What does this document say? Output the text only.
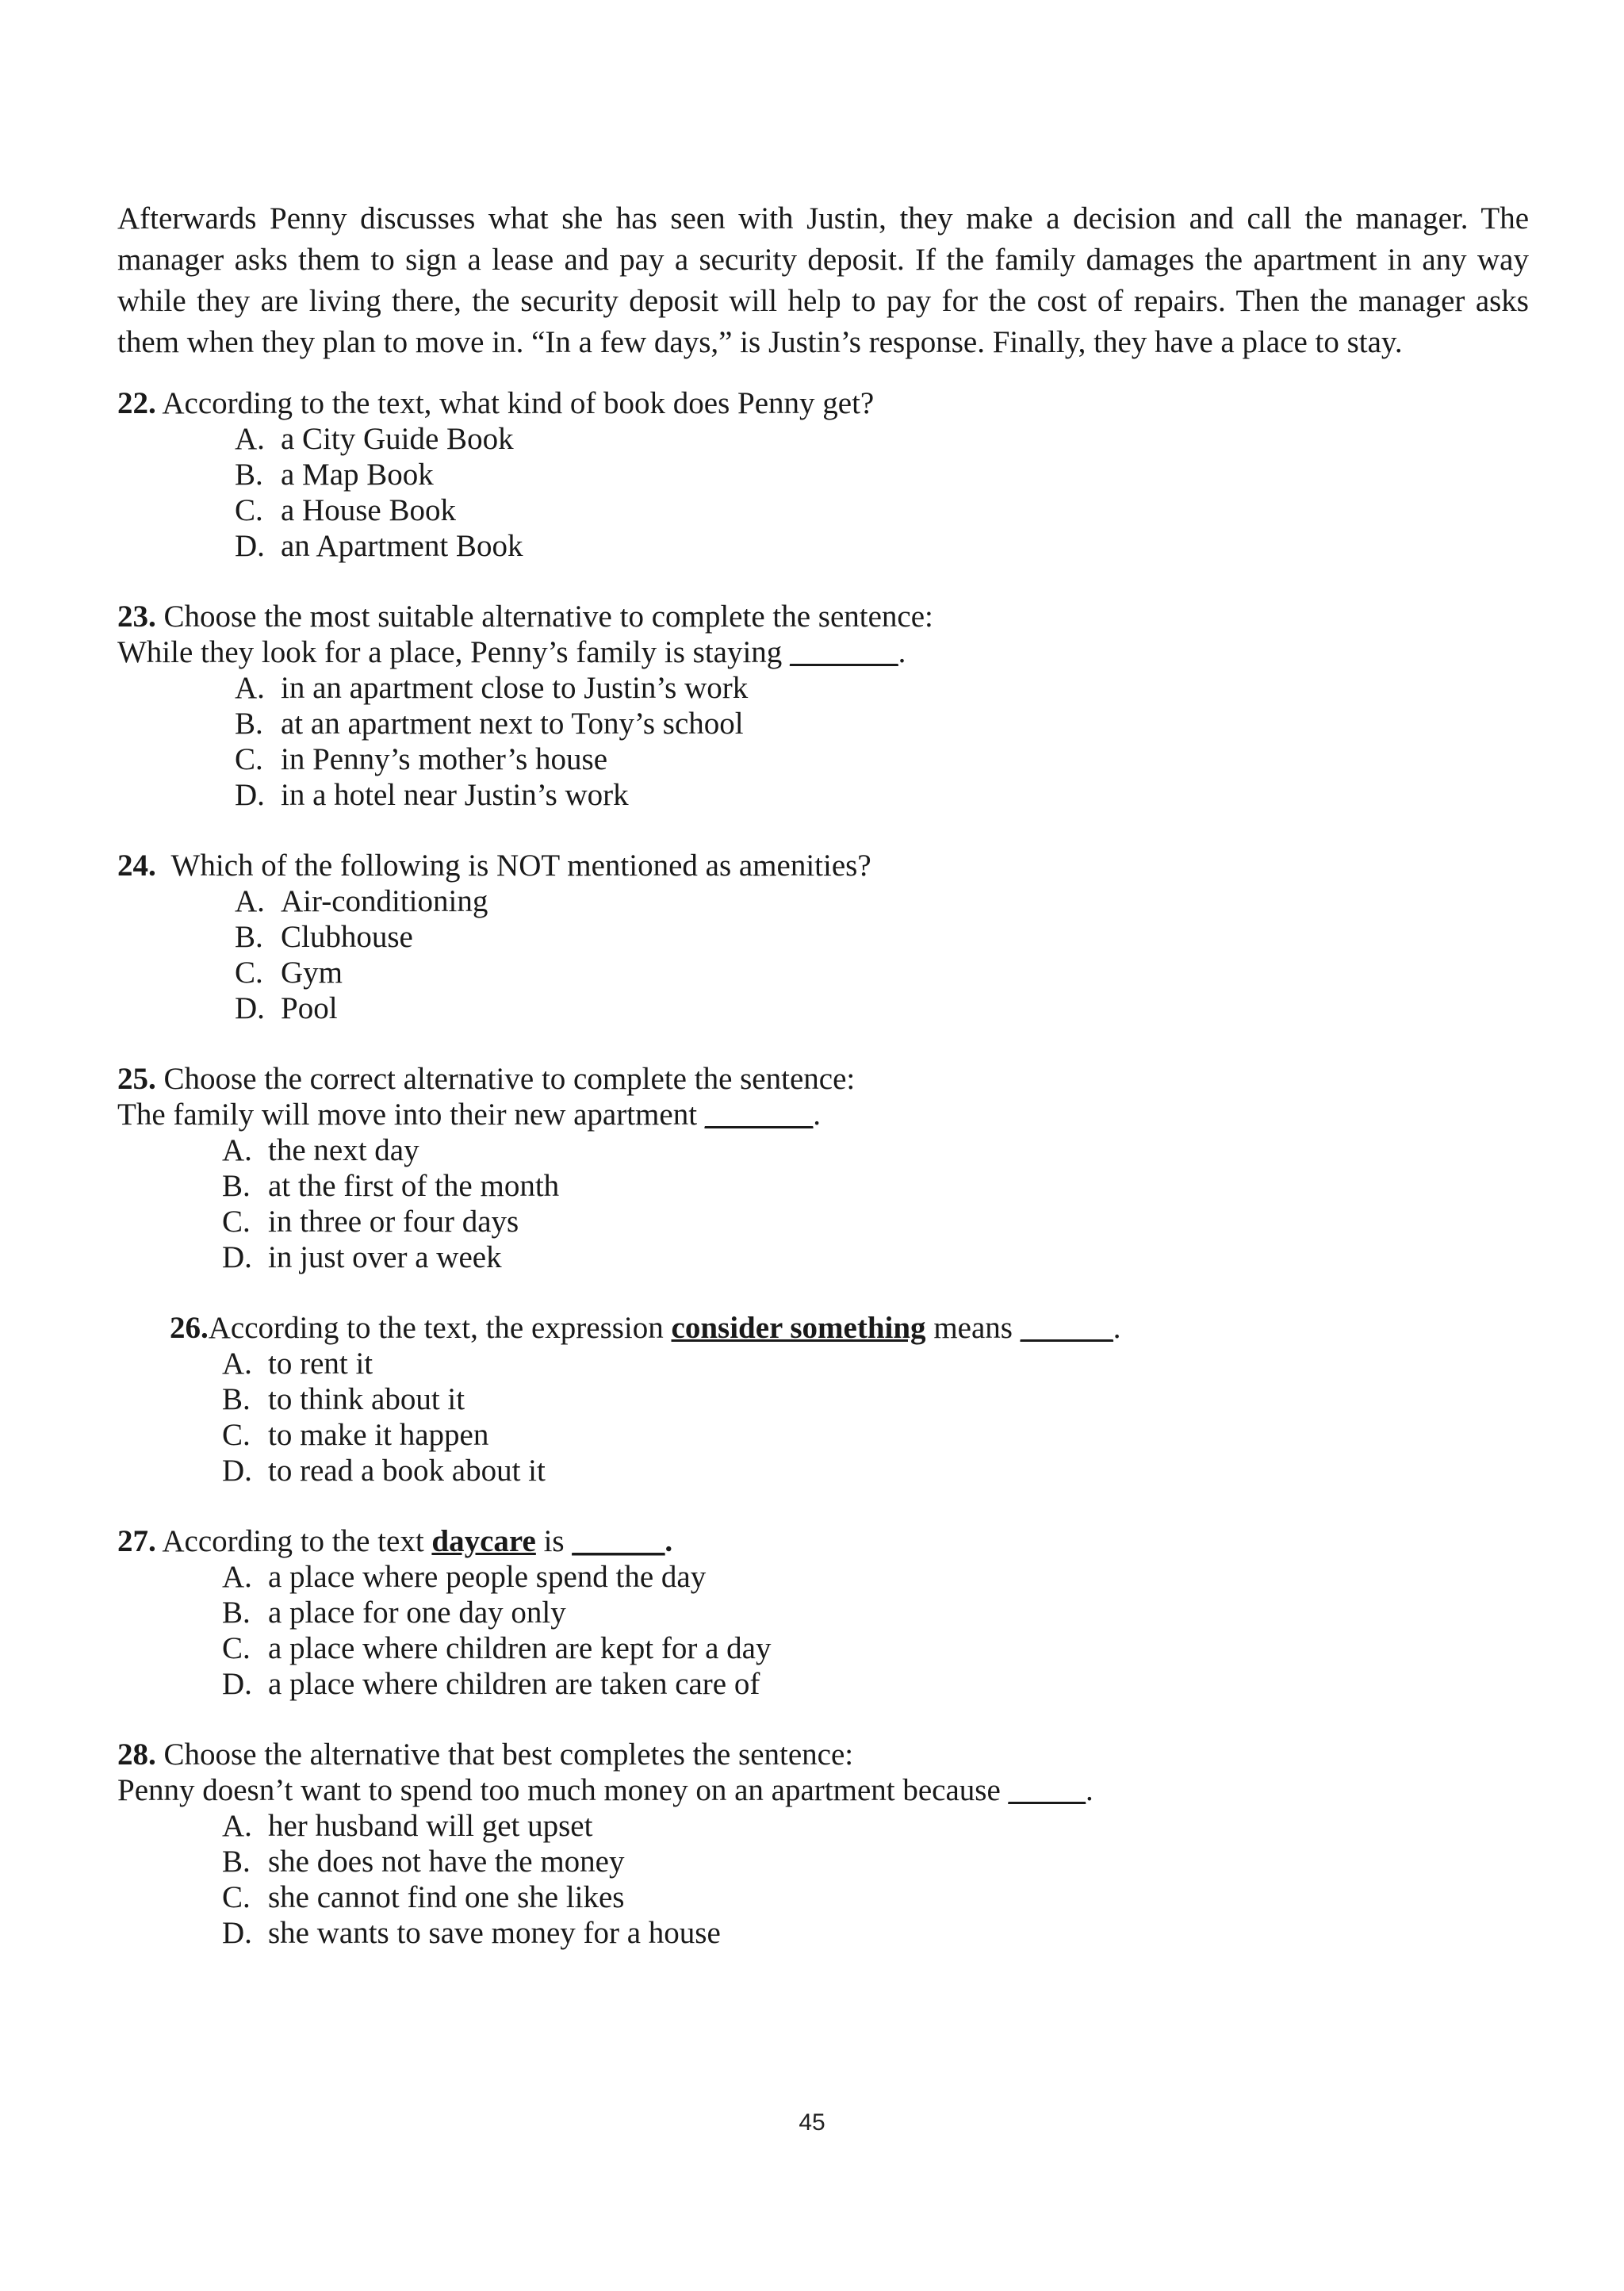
Afterwards Penny discusses what she has seen with Justin, they make a decision and call the manager. The manager asks them to sign a lease and pay a security deposit. If the family damages the apartment in any way while they are living there, the security deposit will help to pay for the cost of repairs. Then the manager asks them when they plan to move in. “In a few days,” is Justin’s response. Finally, they have a place to stay.

22. According to the text, what kind of book does Penny get?

A. a City Guide Book
B. a Map Book
C. a House Book
D. an Apartment Book

23. Choose the most suitable alternative to complete the sentence:

While they look for a place, Penny’s family is staying _______.

A. in an apartment close to Justin’s work
B. at an apartment next to Tony’s school
C. in Penny’s mother’s house
D. in a hotel near Justin’s work

24.  Which of the following is NOT mentioned as amenities?

A. Air-conditioning
B. Clubhouse
C. Gym
D. Pool

25. Choose the correct alternative to complete the sentence:

The family will move into their new apartment _______.

A. the next day
B. at the first of the month
C. in three or four days
D. in just over a week

26.According to the text, the expression consider something means ______.

A. to rent it
B. to think about it
C. to make it happen
D. to read a book about it

27. According to the text daycare is ______.

A. a place where people spend the day
B. a place for one day only
C. a place where children are kept for a day
D. a place where children are taken care of

28. Choose the alternative that best completes the sentence:

Penny doesn’t want to spend too much money on an apartment because _____.

A. her husband will get upset
B. she does not have the money
C. she cannot find one she likes
D. she wants to save money for a house
45
